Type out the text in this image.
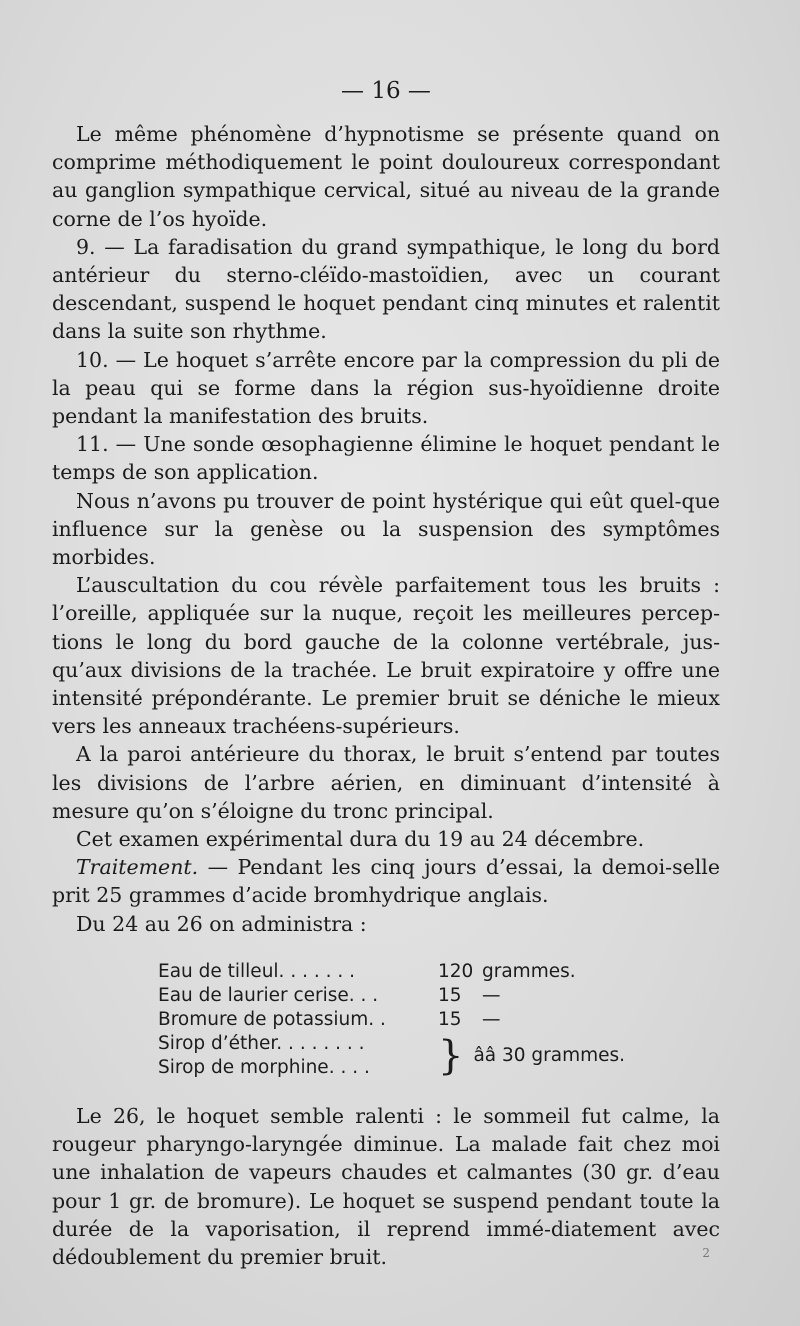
— 16 —

Le même phénomène d’hypnotisme se présente quand on comprime méthodiquement le point douloureux correspondant au ganglion sympathique cervical, situé au niveau de la grande corne de l’os hyoïde.

9. — La faradisation du grand sympathique, le long du bord antérieur du sterno-cléïdo-mastoïdien, avec un courant descendant, suspend le hoquet pendant cinq minutes et ralentit dans la suite son rhythme.

10. — Le hoquet s’arrête encore par la compression du pli de la peau qui se forme dans la région sus-hyoïdienne droite pendant la manifestation des bruits.

11. — Une sonde œsophagienne élimine le hoquet pendant le temps de son application.

Nous n’avons pu trouver de point hystérique qui eût quel-que influence sur la genèse ou la suspension des symptômes morbides.

L’auscultation du cou révèle parfaitement tous les bruits : l’oreille, appliquée sur la nuque, reçoit les meilleures percep-tions le long du bord gauche de la colonne vertébrale, jus-qu’aux divisions de la trachée. Le bruit expiratoire y offre une intensité prépondérante. Le premier bruit se déniche le mieux vers les anneaux trachéens-supérieurs.

A la paroi antérieure du thorax, le bruit s’entend par toutes les divisions de l’arbre aérien, en diminuant d’intensité à mesure qu’on s’éloigne du tronc principal.

Cet examen expérimental dura du 19 au 24 décembre.

Traitement. — Pendant les cinq jours d’essai, la demoi-selle prit 25 grammes d’acide bromhydrique anglais.

Du 24 au 26 on administra :

Eau de tilleul. . . . . . .	120 grammes.
Eau de laurier cerise. . .	15	—
Bromure de potassium. .	15	—
Sirop d’éther. . . . . . . .
Sirop de morphine. . . .	} ââ 30 grammes.

Le 26, le hoquet semble ralenti : le sommeil fut calme, la rougeur pharyngo-laryngée diminue. La malade fait chez moi une inhalation de vapeurs chaudes et calmantes (30 gr. d’eau pour 1 gr. de bromure). Le hoquet se suspend pendant toute la durée de la vaporisation, il reprend immé-diatement avec dédoublement du premier bruit.	2
